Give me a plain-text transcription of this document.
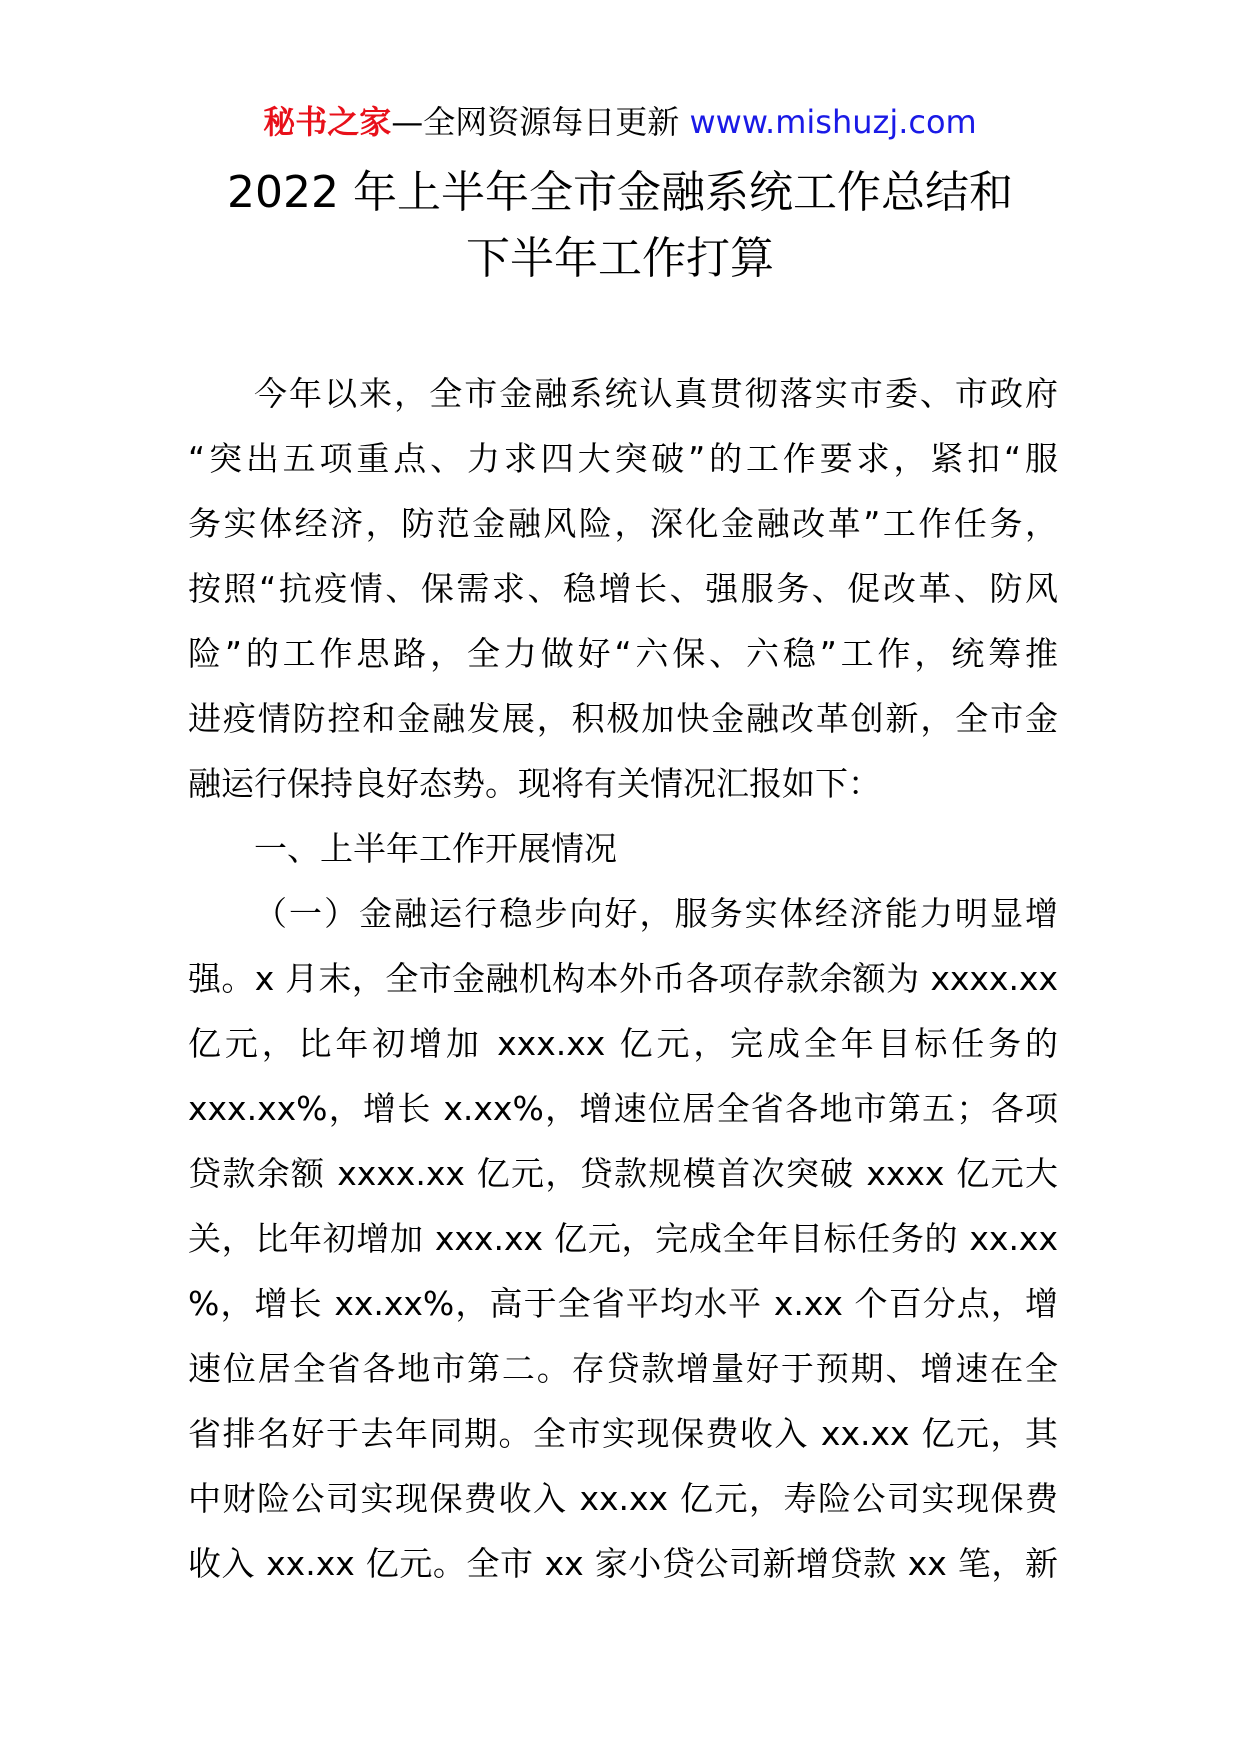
秘书之家—全网资源每日更新 www.mishuzj.com
2022 年上半年全市金融系统工作总结和
下半年工作打算
今年以来，全市金融系统认真贯彻落实市委、市政府
“突出五项重点、力求四大突破”的工作要求，紧扣“服
务实体经济，防范金融风险，深化金融改革”工作任务，
按照“抗疫情、保需求、稳增长、强服务、促改革、防风
险”的工作思路，全力做好“六保、六稳”工作，统筹推
进疫情防控和金融发展，积极加快金融改革创新，全市金
融运行保持良好态势。现将有关情况汇报如下：
一、上半年工作开展情况
（一）金融运行稳步向好，服务实体经济能力明显增
强。x 月末，全市金融机构本外币各项存款余额为 xxxx.xx
亿元，比年初增加 xxx.xx 亿元，完成全年目标任务的
xxx.xx%，增长 x.xx%，增速位居全省各地市第五；各项
贷款余额 xxxx.xx 亿元，贷款规模首次突破 xxxx 亿元大
关，比年初增加 xxx.xx 亿元，完成全年目标任务的 xx.xx
%，增长 xx.xx%，高于全省平均水平 x.xx 个百分点，增
速位居全省各地市第二。存贷款增量好于预期、增速在全
省排名好于去年同期。全市实现保费收入 xx.xx 亿元，其
中财险公司实现保费收入 xx.xx 亿元，寿险公司实现保费
收入 xx.xx 亿元。全市 xx 家小贷公司新增贷款 xx 笔，新
